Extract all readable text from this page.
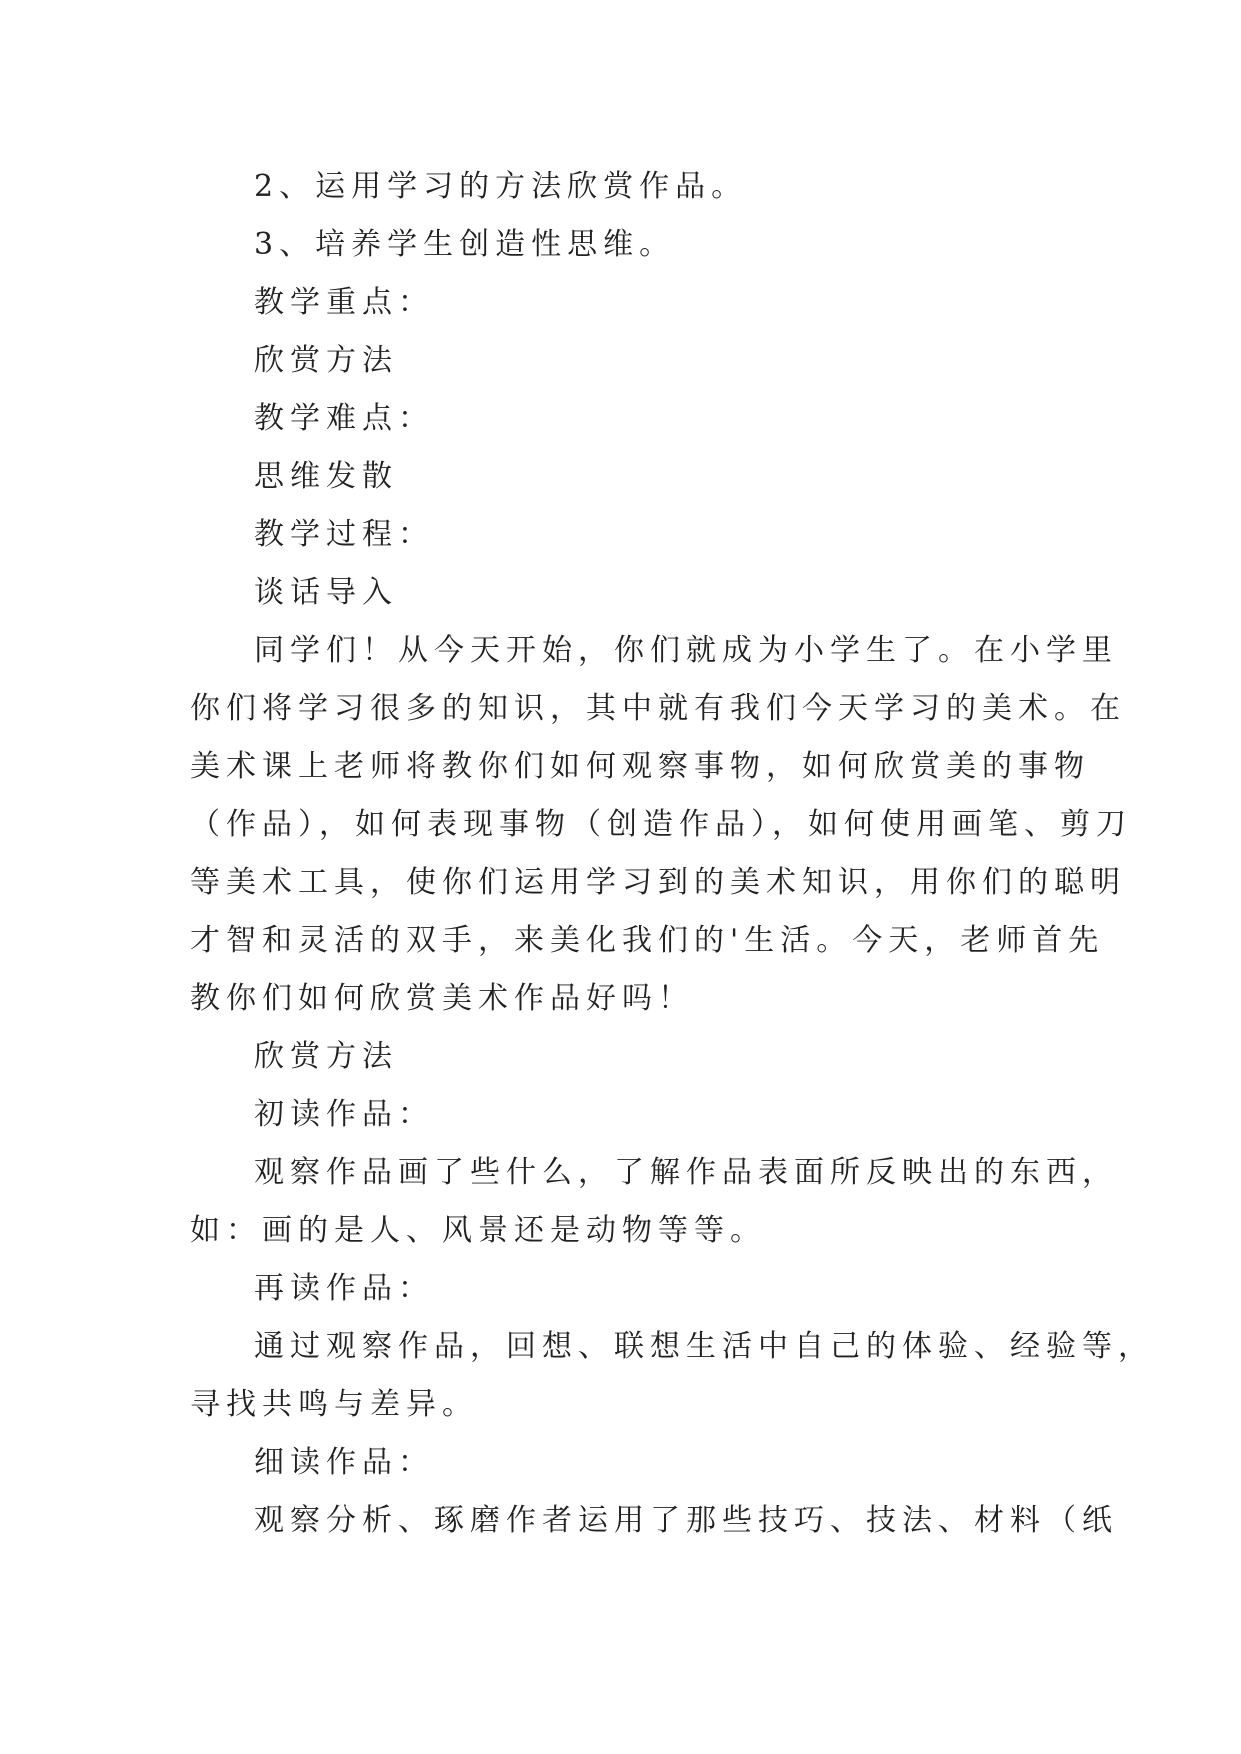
2、运用学习的方法欣赏作品。
3、培养学生创造性思维。
教学重点：
欣赏方法
教学难点：
思维发散
教学过程：
谈话导入
同学们！从今天开始，你们就成为小学生了。在小学里
你们将学习很多的知识，其中就有我们今天学习的美术。在
美术课上老师将教你们如何观察事物，如何欣赏美的事物
（作品），如何表现事物（创造作品），如何使用画笔、剪刀
等美术工具，使你们运用学习到的美术知识，用你们的聪明
才智和灵活的双手，来美化我们的'生活。今天，老师首先
教你们如何欣赏美术作品好吗！
欣赏方法
初读作品：
观察作品画了些什么，了解作品表面所反映出的东西，
如：画的是人、风景还是动物等等。
再读作品：
通过观察作品，回想、联想生活中自己的体验、经验等，
寻找共鸣与差异。
细读作品：
观察分析、琢磨作者运用了那些技巧、技法、材料（纸
